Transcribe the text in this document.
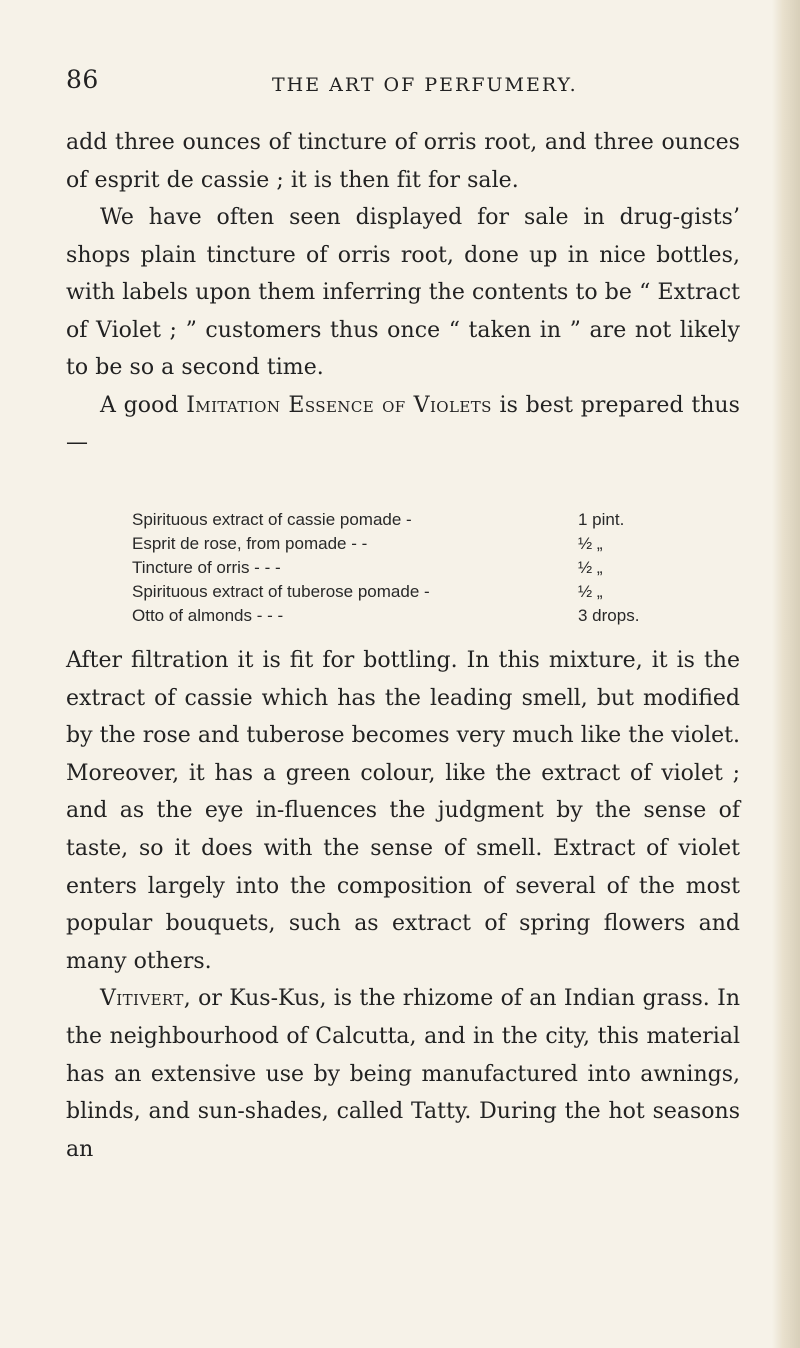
86	THE ART OF PERFUMERY.

add three ounces of tincture of orris root, and three ounces of esprit de cassie ; it is then fit for sale.

We have often seen displayed for sale in drug-gists’ shops plain tincture of orris root, done up in nice bottles, with labels upon them inferring the contents to be “ Extract of Violet ; ” customers thus once “ taken in ” are not likely to be so a second time.

A good Imitation Essence of Violets is best prepared thus —

Spirituous extract of cassie pomade -	1 pint.
Esprit de rose, from pomade - -	½ „
Tincture of orris - - -	½ „
Spirituous extract of tuberose pomade -	½ „
Otto of almonds - - -	3 drops.

After filtration it is fit for bottling. In this mixture, it is the extract of cassie which has the leading smell, but modified by the rose and tuberose becomes very much like the violet. Moreover, it has a green colour, like the extract of violet ; and as the eye in-fluences the judgment by the sense of taste, so it does with the sense of smell. Extract of violet enters largely into the composition of several of the most popular bouquets, such as extract of spring flowers and many others.

Vitivert, or Kus-Kus, is the rhizome of an Indian grass. In the neighbourhood of Calcutta, and in the city, this material has an extensive use by being manufactured into awnings, blinds, and sun-shades, called Tatty. During the hot seasons an
